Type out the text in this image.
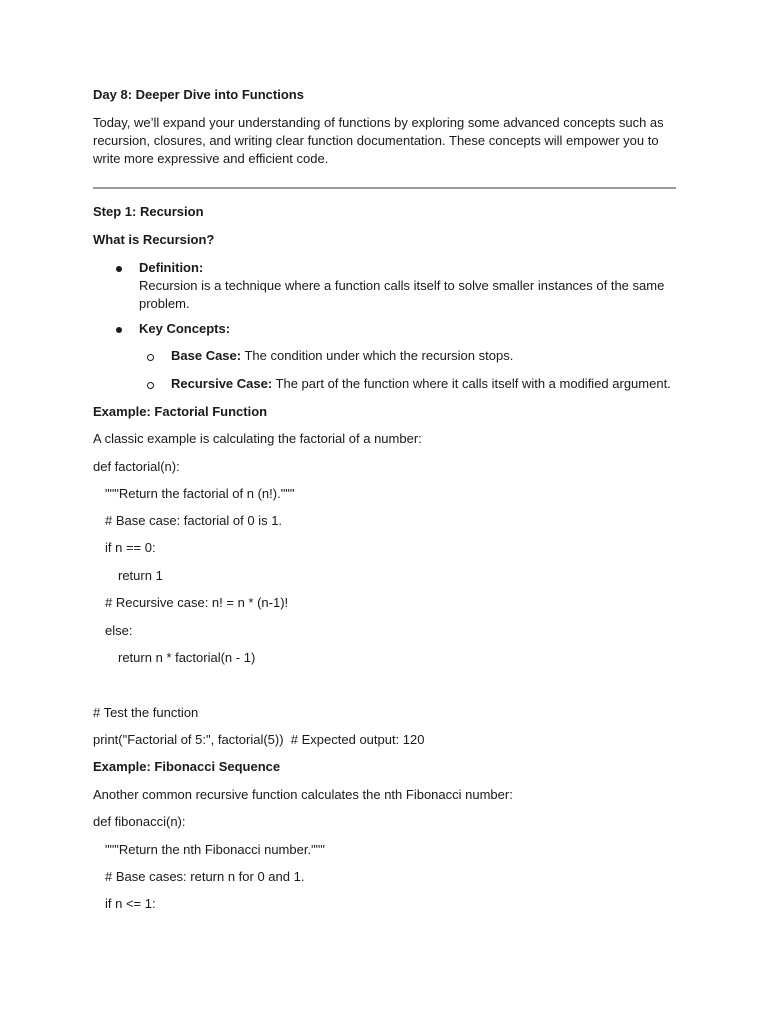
Day 8: Deeper Dive into Functions
Today, we’ll expand your understanding of functions by exploring some advanced concepts such as recursion, closures, and writing clear function documentation. These concepts will empower you to write more expressive and efficient code.
Step 1: Recursion
What is Recursion?
Definition:
Recursion is a technique where a function calls itself to solve smaller instances of the same problem.
Key Concepts:
Base Case: The condition under which the recursion stops.
Recursive Case: The part of the function where it calls itself with a modified argument.
Example: Factorial Function
A classic example is calculating the factorial of a number:
def factorial(n):
"""Return the factorial of n (n!)."""
# Base case: factorial of 0 is 1.
if n == 0:
return 1
# Recursive case: n! = n * (n-1)!
else:
return n * factorial(n - 1)
# Test the function
print("Factorial of 5:", factorial(5))  # Expected output: 120
Example: Fibonacci Sequence
Another common recursive function calculates the nth Fibonacci number:
def fibonacci(n):
"""Return the nth Fibonacci number."""
# Base cases: return n for 0 and 1.
if n <= 1:
